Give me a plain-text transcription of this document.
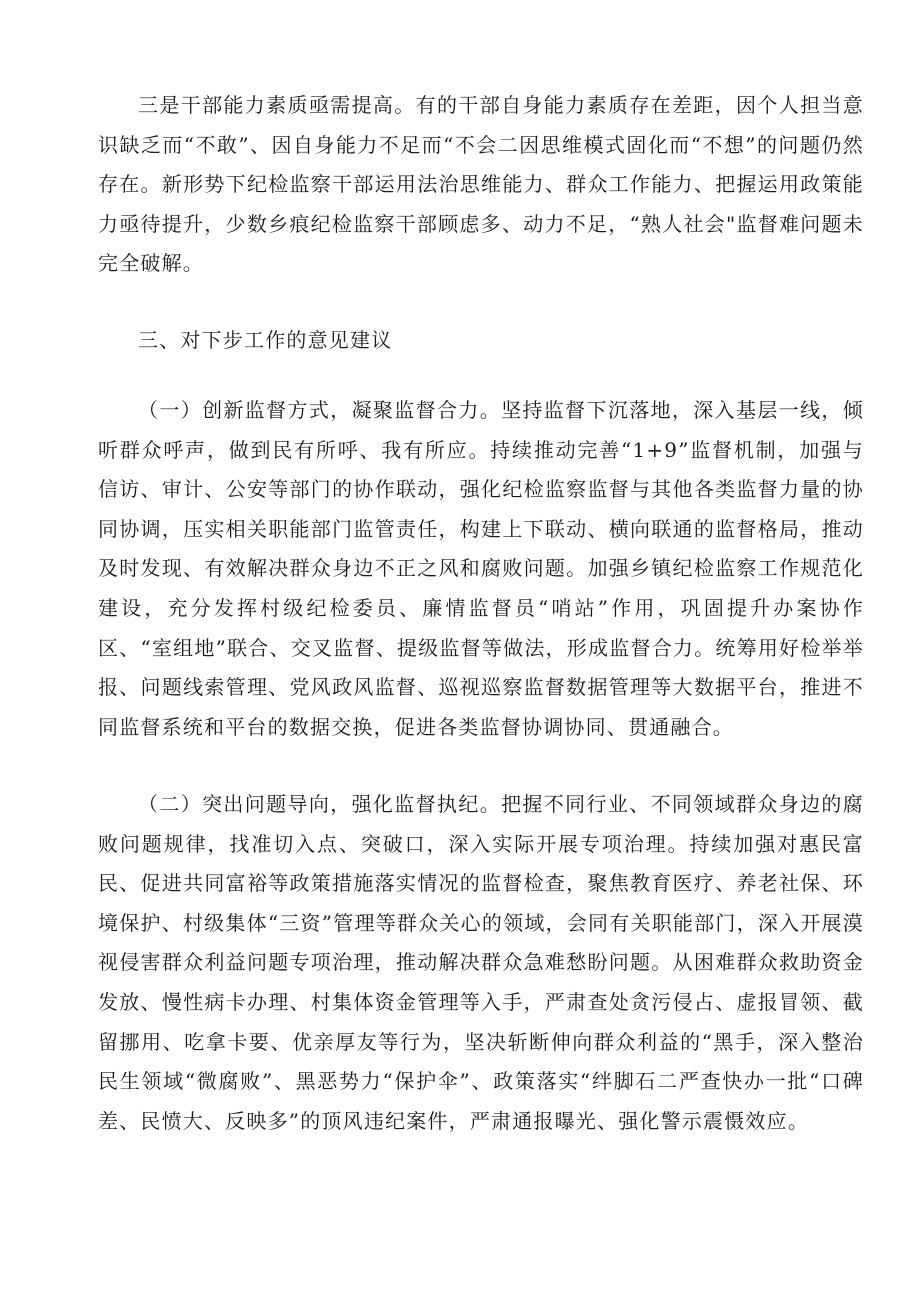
三是干部能力素质亟需提高。有的干部自身能力素质存在差距，因个人担当意识缺乏而“不敢”、因自身能力不足而“不会二因思维模式固化而“不想”的问题仍然存在。新形势下纪检监察干部运用法治思维能力、群众工作能力、把握运用政策能力亟待提升，少数乡痕纪检监察干部顾虑多、动力不足，“熟人社会"监督难问题未完全破解。

三、对下步工作的意见建议

（一）创新监督方式，凝聚监督合力。坚持监督下沉落地，深入基层一线，倾听群众呼声，做到民有所呼、我有所应。持续推动完善“1+9”监督机制，加强与信访、审计、公安等部门的协作联动，强化纪检监察监督与其他各类监督力量的协同协调，压实相关职能部门监管责任，构建上下联动、横向联通的监督格局，推动及时发现、有效解决群众身边不正之风和腐败问题。加强乡镇纪检监察工作规范化建设，充分发挥村级纪检委员、廉情监督员“哨站”作用，巩固提升办案协作区、“室组地”联合、交叉监督、提级监督等做法，形成监督合力。统筹用好检举举报、问题线索管理、党风政风监督、巡视巡察监督数据管理等大数据平台，推进不同监督系统和平台的数据交换，促进各类监督协调协同、贯通融合。

（二）突出问题导向，强化监督执纪。把握不同行业、不同领域群众身边的腐败问题规律，找准切入点、突破口，深入实际开展专项治理。持续加强对惠民富民、促进共同富裕等政策措施落实情况的监督检查，聚焦教育医疗、养老社保、环境保护、村级集体“三资”管理等群众关心的领域，会同有关职能部门，深入开展漠视侵害群众利益问题专项治理，推动解决群众急难愁盼问题。从困难群众救助资金发放、慢性病卡办理、村集体资金管理等入手，严肃查处贪污侵占、虚报冒领、截留挪用、吃拿卡要、优亲厚友等行为，坚决斩断伸向群众利益的“黑手，深入整治民生领域“微腐败”、黑恶势力“保护伞”、政策落实“绊脚石二严查快办一批“口碑差、民愤大、反映多”的顶风违纪案件，严肃通报曝光、强化警示震慑效应。
